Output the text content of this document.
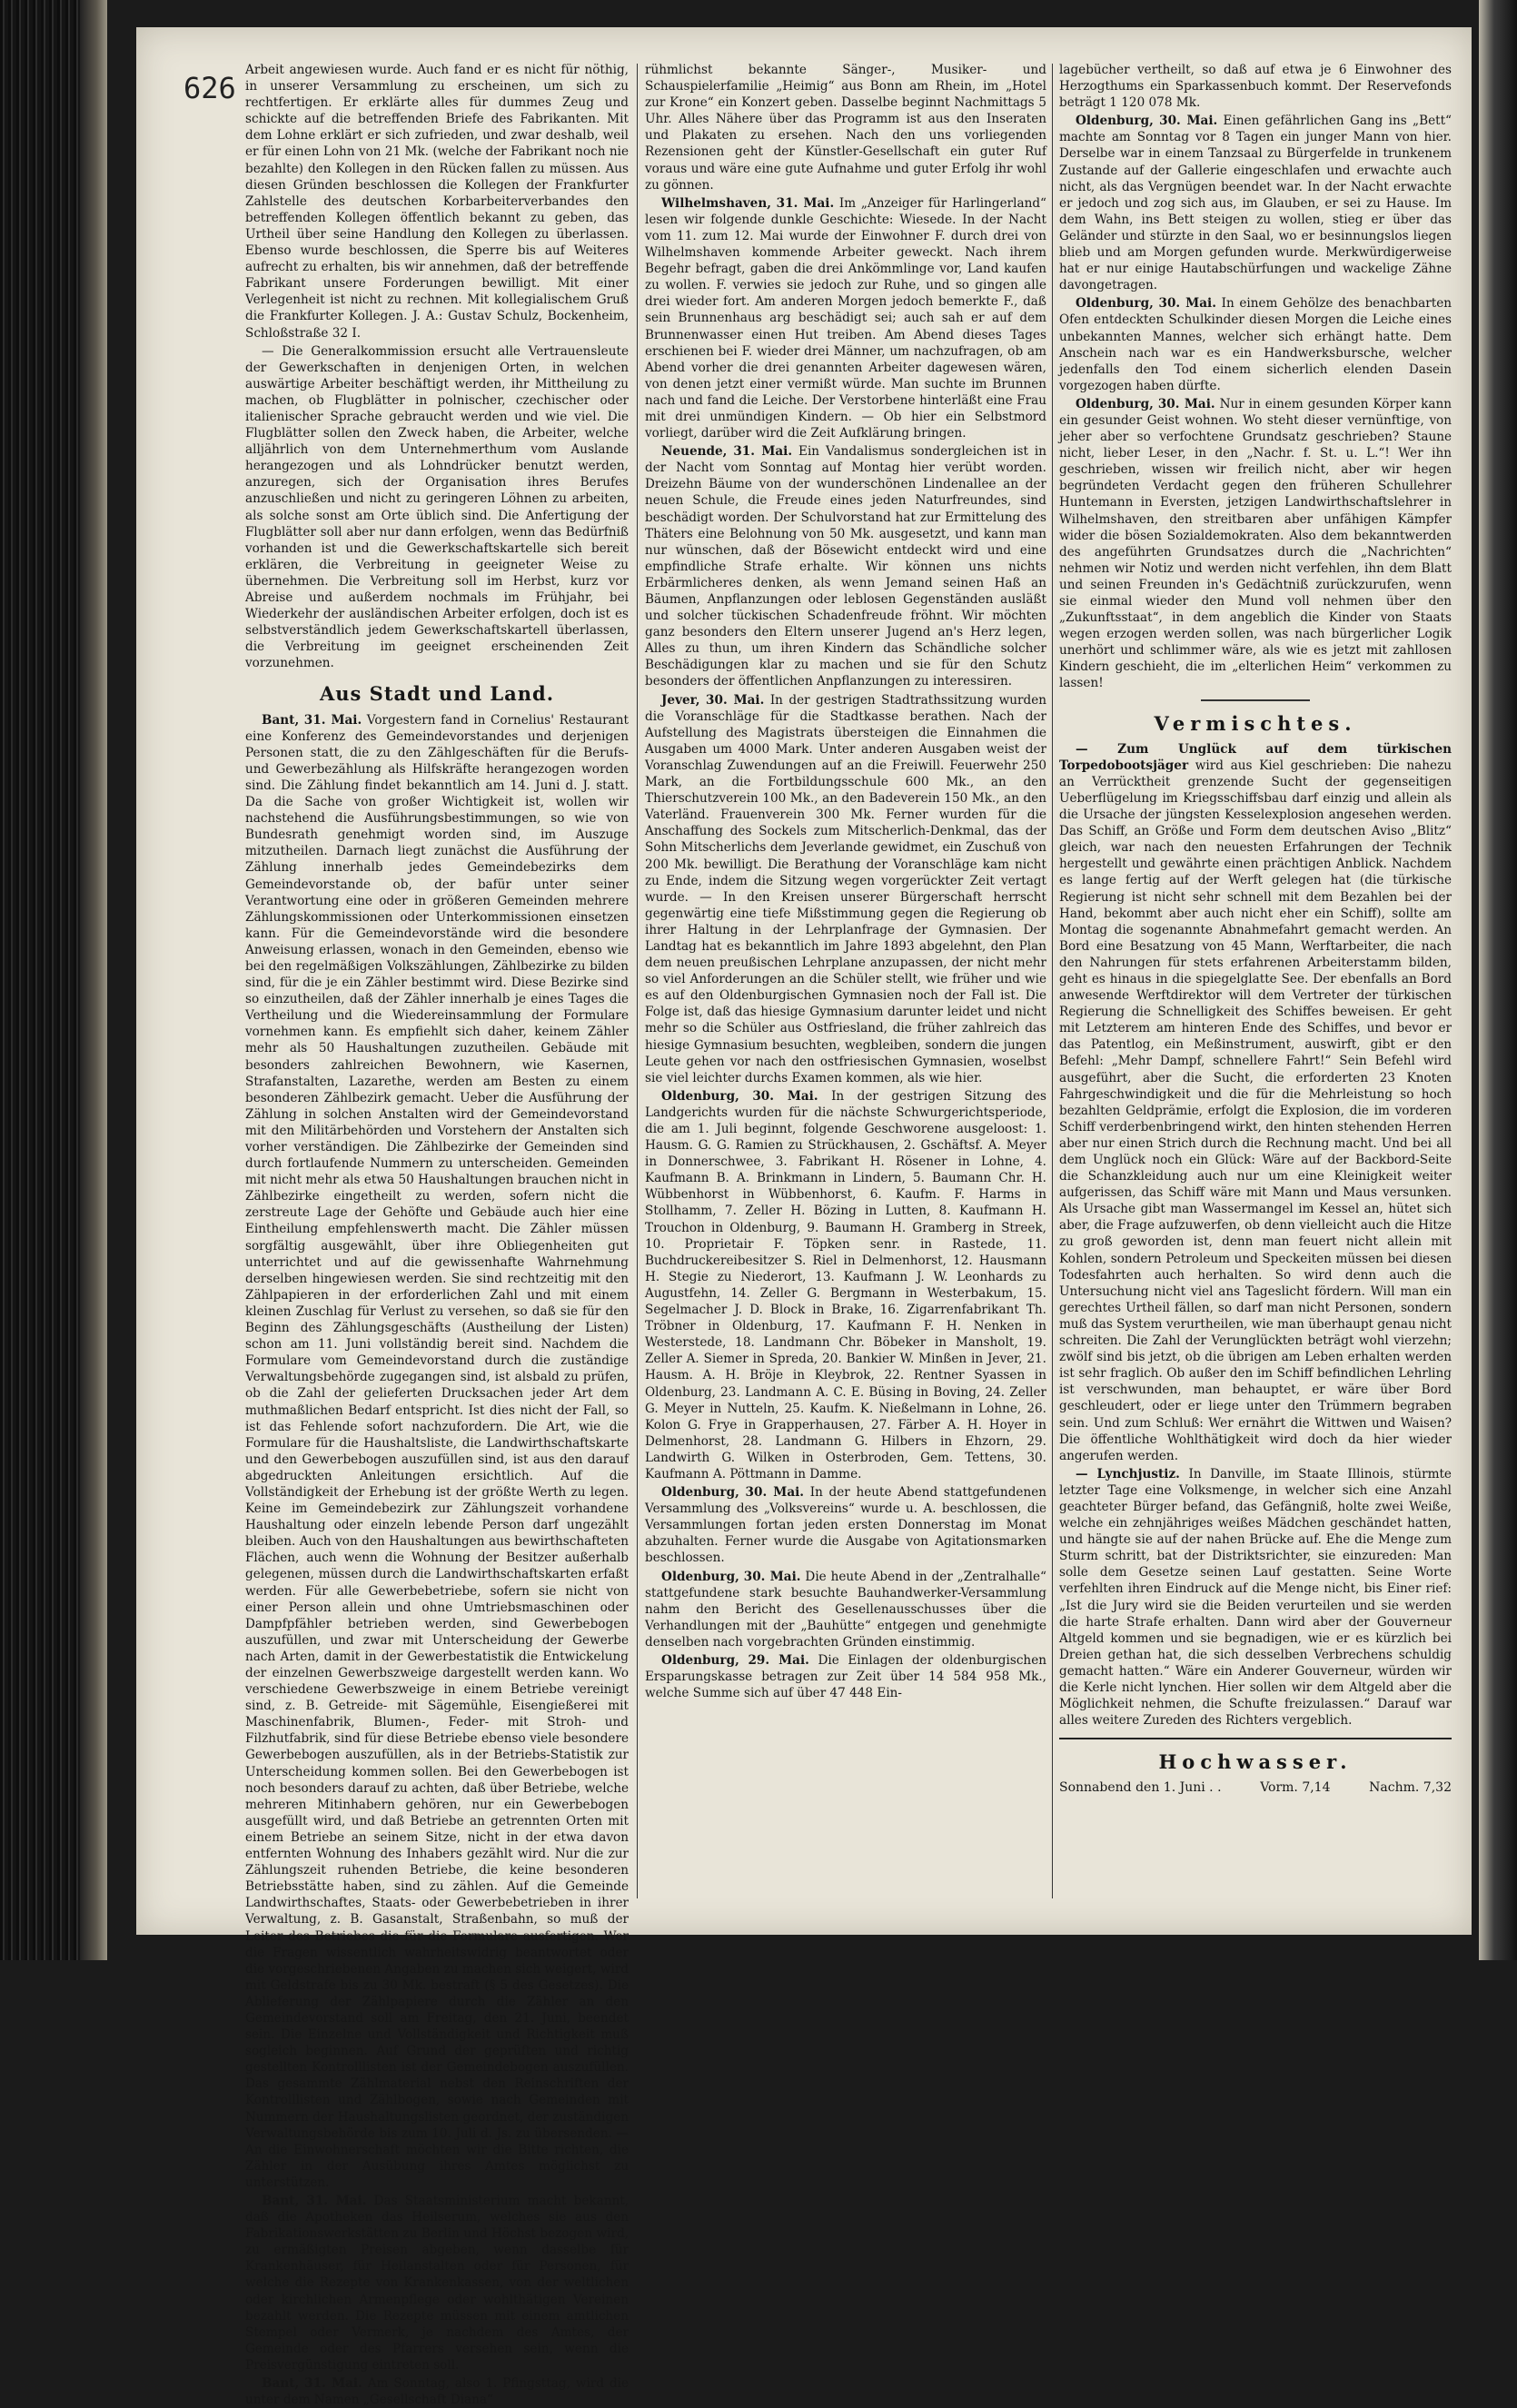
626

Arbeit angewiesen wurde. Auch fand er es nicht für nöthig, in unserer Versammlung zu erscheinen, um sich zu rechtfertigen. Er erklärte alles für dummes Zeug und schickte auf die betreffenden Briefe des Fabrikanten. Mit dem Lohne erklärt er sich zufrieden, und zwar deshalb, weil er für einen Lohn von 21 Mk. (welche der Fabrikant noch nie bezahlte) den Kollegen in den Rücken fallen zu müssen. Aus diesen Gründen beschlossen die Kollegen der Frankfurter Zahlstelle des deutschen Korbarbeiterverbandes den betreffenden Kollegen öffentlich bekannt zu geben, das Urtheil über seine Handlung den Kollegen zu überlassen. Ebenso wurde beschlossen, die Sperre bis auf Weiteres aufrecht zu erhalten, bis wir annehmen, daß der betreffende Fabrikant unsere Forderungen bewilligt. Mit einer Verlegenheit ist nicht zu rechnen. Mit kollegialischem Gruß die Frankfurter Kollegen. J. A.: Gustav Schulz, Bockenheim, Schloßstraße 32 I.

— Die Generalkommission ersucht alle Vertrauensleute der Gewerkschaften in denjenigen Orten, in welchen auswärtige Arbeiter beschäftigt werden, ihr Mittheilung zu machen, ob Flugblätter in polnischer, czechischer oder italienischer Sprache gebraucht werden und wie viel. Die Flugblätter sollen den Zweck haben, die Arbeiter, welche alljährlich von dem Unternehmerthum vom Auslande herangezogen und als Lohndrücker benutzt werden, anzuregen, sich der Organisation ihres Berufes anzuschließen und nicht zu geringeren Löhnen zu arbeiten, als solche sonst am Orte üblich sind. Die Anfertigung der Flugblätter soll aber nur dann erfolgen, wenn das Bedürfniß vorhanden ist und die Gewerkschaftskartelle sich bereit erklären, die Verbreitung in geeigneter Weise zu übernehmen. Die Verbreitung soll im Herbst, kurz vor Abreise und außerdem nochmals im Frühjahr, bei Wiederkehr der ausländischen Arbeiter erfolgen, doch ist es selbstverständlich jedem Gewerkschaftskartell überlassen, die Verbreitung im geeignet erscheinenden Zeit vorzunehmen.

Aus Stadt und Land.

Bant, 31. Mai. Vorgestern fand in Cornelius' Restaurant eine Konferenz des Gemeindevorstandes und derjenigen Personen statt, die zu den Zählgeschäften für die Berufs- und Gewerbezählung als Hilfskräfte herangezogen worden sind. Die Zählung findet bekanntlich am 14. Juni d. J. statt. Da die Sache von großer Wichtigkeit ist, wollen wir nachstehend die Ausführungsbestimmungen, so wie von Bundesrath genehmigt worden sind, im Auszuge mitzutheilen. Darnach liegt zunächst die Ausführung der Zählung innerhalb jedes Gemeindebezirks dem Gemeindevorstande ob, der bafür unter seiner Verantwortung eine oder in größeren Gemeinden mehrere Zählungskommissionen oder Unterkommissionen einsetzen kann. Für die Gemeindevorstände wird die besondere Anweisung erlassen, wonach in den Gemeinden, ebenso wie bei den regelmäßigen Volkszählungen, Zählbezirke zu bilden sind, für die je ein Zähler bestimmt wird. Diese Bezirke sind so einzutheilen, daß der Zähler innerhalb je eines Tages die Vertheilung und die Wiedereinsammlung der Formulare vornehmen kann. Es empfiehlt sich daher, keinem Zähler mehr als 50 Haushaltungen zuzutheilen. Gebäude mit besonders zahlreichen Bewohnern, wie Kasernen, Strafanstalten, Lazarethe, werden am Besten zu einem besonderen Zählbezirk gemacht. Ueber die Ausführung der Zählung in solchen Anstalten wird der Gemeindevorstand mit den Militärbehörden und Vorstehern der Anstalten sich vorher verständigen. Die Zählbezirke der Gemeinden sind durch fortlaufende Nummern zu unterscheiden. Gemeinden mit nicht mehr als etwa 50 Haushaltungen brauchen nicht in Zählbezirke eingetheilt zu werden, sofern nicht die zerstreute Lage der Gehöfte und Gebäude auch hier eine Eintheilung empfehlenswerth macht. Die Zähler müssen sorgfältig ausgewählt, über ihre Obliegenheiten gut unterrichtet und auf die gewissenhafte Wahrnehmung derselben hingewiesen werden. Sie sind rechtzeitig mit den Zählpapieren in der erforderlichen Zahl und mit einem kleinen Zuschlag für Verlust zu versehen, so daß sie für den Beginn des Zählungsgeschäfts (Austheilung der Listen) schon am 11. Juni vollständig bereit sind. Nachdem die Formulare vom Gemeindevorstand durch die zuständige Verwaltungsbehörde zugegangen sind, ist alsbald zu prüfen, ob die Zahl der gelieferten Drucksachen jeder Art dem muthmaßlichen Bedarf entspricht. Ist dies nicht der Fall, so ist das Fehlende sofort nachzufordern. Die Art, wie die Formulare für die Haushaltsliste, die Landwirthschaftskarte und den Gewerbebogen auszufüllen sind, ist aus den darauf abgedruckten Anleitungen ersichtlich. Auf die Vollständigkeit der Erhebung ist der größte Werth zu legen. Keine im Gemeindebezirk zur Zählungszeit vorhandene Haushaltung oder einzeln lebende Person darf ungezählt bleiben. Auch von den Haushaltungen aus bewirthschafteten Flächen, auch wenn die Wohnung der Besitzer außerhalb gelegenen, müssen durch die Landwirthschaftskarten erfaßt werden. Für alle Gewerbebetriebe, sofern sie nicht von einer Person allein und ohne Umtriebsmaschinen oder Dampfpfähler betrieben werden, sind Gewerbebogen auszufüllen, und zwar mit Unterscheidung der Gewerbe nach Arten, damit in der Gewerbestatistik die Entwickelung der einzelnen Gewerbszweige dargestellt werden kann. Wo verschiedene Gewerbszweige in einem Betriebe vereinigt sind, z. B. Getreide- mit Sägemühle, Eisengießerei mit Maschinenfabrik, Blumen-, Feder- mit Stroh- und Filzhutfabrik, sind für diese Betriebe ebenso viele besondere Gewerbebogen auszufüllen, als in der Betriebs-Statistik zur Unterscheidung kommen sollen. Bei den Gewerbebogen ist noch besonders darauf zu achten, daß über Betriebe, welche mehreren Mitinhabern gehören, nur ein Gewerbebogen ausgefüllt wird, und daß Betriebe an getrennten Orten mit einem Betriebe an seinem Sitze, nicht in der etwa davon entfernten Wohnung des Inhabers gezählt wird. Nur die zur Zählungszeit ruhenden Betriebe, die keine besonderen Betriebsstätte haben, sind zu zählen. Auf die Gemeinde Landwirthschaftes, Staats- oder Gewerbebetrieben in ihrer Verwaltung, z. B. Gasanstalt, Straßenbahn, so muß der Leiter des Betriebes die für die Formulare ausfertigen. Wer die Fragen wissentlich wahrheitswidrig beantwortet oder die vorgeschriebenen Angaben zu machen sich weigert, wird mit Geldstrafe bis zu 30 Mk. bestraft (§ 5 des Gesetzes). Die Ablieferung der Zählpapiere durch die Zähler an den Gemeindevorstand soll am Freitag, den 21. Juni, beendet sein. Die Einzelne und Vollständigkeit und Richtigkeit muß sogleich beginnen. Auf Grund der geprüften und richtig gestellten Kontrolllisten ist der Gemeindebogen auszufüllen. Das gesammte Zählmaterial nebst den Reinschriften der Kontrolllisten und Zählbogen, sowie nach Gemeinden mit Nummern der Haushaltungslisten geordnet, der zuständigen Verwaltungsbehörde bis zum 10. Juli d. Js. zu übersenden. — An die Einwohnerschaft möchten wir die Bitte richten, die Zähler in der Ausübung ihres Amtes möglichst zu unterstützen.

Bant, 31. Mai. Das Staatsministerium macht bekannt, daß die Apotheken das Heilserum, welches sie aus den Fabrikationswerkstätten zu Berlin und Höchst bezogen wird, zu ermäßigten Preisen abgeben, wenn dasselbe für Krankenhäuser, für Heilanstalten oder für Personen, für welche die Rezepte von Krankenkassen, von der weltlichen oder kirchlichen Armenpflege oder wohlthätigen Vereinen bezahlt werden. Die Rezepte müssen mit einem amtlichen Stempel oder Vermerk, je nachdem des Amtes, der Gemeinde oder des Pfarrers versehen sein, wenn die Preisvergünstigung eintreten soll.

Bant, 31. Mai. Am Sonntag, also 1. Pfingsttag, wird die unter dem Namen „Gesellschaft Diana“

rühmlichst bekannte Sänger-, Musiker- und Schauspielerfamilie „Heimig“ aus Bonn am Rhein, im „Hotel zur Krone“ ein Konzert geben. Dasselbe beginnt Nachmittags 5 Uhr. Alles Nähere über das Programm ist aus den Inseraten und Plakaten zu ersehen. Nach den uns vorliegenden Rezensionen geht der Künstler-Gesellschaft ein guter Ruf voraus und wäre eine gute Aufnahme und guter Erfolg ihr wohl zu gönnen.

Wilhelmshaven, 31. Mai. Im „Anzeiger für Harlingerland“ lesen wir folgende dunkle Geschichte: Wiesede. In der Nacht vom 11. zum 12. Mai wurde der Einwohner F. durch drei von Wilhelmshaven kommende Arbeiter geweckt. Nach ihrem Begehr befragt, gaben die drei Ankömmlinge vor, Land kaufen zu wollen. F. verwies sie jedoch zur Ruhe, und so gingen alle drei wieder fort. Am anderen Morgen jedoch bemerkte F., daß sein Brunnenhaus arg beschädigt sei; auch sah er auf dem Brunnenwasser einen Hut treiben. Am Abend dieses Tages erschienen bei F. wieder drei Männer, um nachzufragen, ob am Abend vorher die drei genannten Arbeiter dagewesen wären, von denen jetzt einer vermißt würde. Man suchte im Brunnen nach und fand die Leiche. Der Verstorbene hinterläßt eine Frau mit drei unmündigen Kindern. — Ob hier ein Selbstmord vorliegt, darüber wird die Zeit Aufklärung bringen.

Neuende, 31. Mai. Ein Vandalismus sondergleichen ist in der Nacht vom Sonntag auf Montag hier verübt worden. Dreizehn Bäume von der wunderschönen Lindenallee an der neuen Schule, die Freude eines jeden Naturfreundes, sind beschädigt worden. Der Schulvorstand hat zur Ermittelung des Thäters eine Belohnung von 50 Mk. ausgesetzt, und kann man nur wünschen, daß der Bösewicht entdeckt wird und eine empfindliche Strafe erhalte. Wir können uns nichts Erbärmlicheres denken, als wenn Jemand seinen Haß an Bäumen, Anpflanzungen oder leblosen Gegenständen ausläßt und solcher tückischen Schadenfreude fröhnt. Wir möchten ganz besonders den Eltern unserer Jugend an's Herz legen, Alles zu thun, um ihren Kindern das Schändliche solcher Beschädigungen klar zu machen und sie für den Schutz besonders der öffentlichen Anpflanzungen zu interessiren.

Jever, 30. Mai. In der gestrigen Stadtrathssitzung wurden die Voranschläge für die Stadtkasse berathen. Nach der Aufstellung des Magistrats übersteigen die Einnahmen die Ausgaben um 4000 Mark. Unter anderen Ausgaben weist der Voranschlag Zuwendungen auf an die Freiwill. Feuerwehr 250 Mark, an die Fortbildungsschule 600 Mk., an den Thierschutzverein 100 Mk., an den Badeverein 150 Mk., an den Vaterländ. Frauenverein 300 Mk. Ferner wurden für die Anschaffung des Sockels zum Mitscherlich-Denkmal, das der Sohn Mitscherlichs dem Jeverlande gewidmet, ein Zuschuß von 200 Mk. bewilligt. Die Berathung der Voranschläge kam nicht zu Ende, indem die Sitzung wegen vorgerückter Zeit vertagt wurde. — In den Kreisen unserer Bürgerschaft herrscht gegenwärtig eine tiefe Mißstimmung gegen die Regierung ob ihrer Haltung in der Lehrplanfrage der Gymnasien. Der Landtag hat es bekanntlich im Jahre 1893 abgelehnt, den Plan dem neuen preußischen Lehrplane anzupassen, der nicht mehr so viel Anforderungen an die Schüler stellt, wie früher und wie es auf den Oldenburgischen Gymnasien noch der Fall ist. Die Folge ist, daß das hiesige Gymnasium darunter leidet und nicht mehr so die Schüler aus Ostfriesland, die früher zahlreich das hiesige Gymnasium besuchten, wegbleiben, sondern die jungen Leute gehen vor nach den ostfriesischen Gymnasien, woselbst sie viel leichter durchs Examen kommen, als wie hier.

Oldenburg, 30. Mai. In der gestrigen Sitzung des Landgerichts wurden für die nächste Schwurgerichtsperiode, die am 1. Juli beginnt, folgende Geschworene ausgeloost: 1. Hausm. G. G. Ramien zu Strückhausen, 2. Gschäftsf. A. Meyer in Donnerschwee, 3. Fabrikant H. Rösener in Lohne, 4. Kaufmann B. A. Brinkmann in Lindern, 5. Baumann Chr. H. Wübbenhorst in Wübbenhorst, 6. Kaufm. F. Harms in Stollhamm, 7. Zeller H. Bözing in Lutten, 8. Kaufmann H. Trouchon in Oldenburg, 9. Baumann H. Gramberg in Streek, 10. Proprietair F. Töpken senr. in Rastede, 11. Buchdruckereibesitzer S. Riel in Delmenhorst, 12. Hausmann H. Stegie zu Niederort, 13. Kaufmann J. W. Leonhards zu Augustfehn, 14. Zeller G. Bergmann in Westerbakum, 15. Segelmacher J. D. Block in Brake, 16. Zigarrenfabrikant Th. Tröbner in Oldenburg, 17. Kaufmann F. H. Nenken in Westerstede, 18. Landmann Chr. Böbeker in Mansholt, 19. Zeller A. Siemer in Spreda, 20. Bankier W. Minßen in Jever, 21. Hausm. A. H. Bröje in Kleybrok, 22. Rentner Syassen in Oldenburg, 23. Landmann A. C. E. Büsing in Boving, 24. Zeller G. Meyer in Nutteln, 25. Kaufm. K. Nießelmann in Lohne, 26. Kolon G. Frye in Grapperhausen, 27. Färber A. H. Hoyer in Delmenhorst, 28. Landmann G. Hilbers in Ehzorn, 29. Landwirth G. Wilken in Osterbroden, Gem. Tettens, 30. Kaufmann A. Pöttmann in Damme.

Oldenburg, 30. Mai. In der heute Abend stattgefundenen Versammlung des „Volksvereins“ wurde u. A. beschlossen, die Versammlungen fortan jeden ersten Donnerstag im Monat abzuhalten. Ferner wurde die Ausgabe von Agitationsmarken beschlossen.

Oldenburg, 30. Mai. Die heute Abend in der „Zentralhalle“ stattgefundene stark besuchte Bauhandwerker-Versammlung nahm den Bericht des Gesellenausschusses über die Verhandlungen mit der „Bauhütte“ entgegen und genehmigte denselben nach vorgebrachten Gründen einstimmig.

Oldenburg, 29. Mai. Die Einlagen der oldenburgischen Ersparungskasse betragen zur Zeit über 14 584 958 Mk., welche Summe sich auf über 47 448 Ein-

lagebücher vertheilt, so daß auf etwa je 6 Einwohner des Herzogthums ein Sparkassenbuch kommt. Der Reservefonds beträgt 1 120 078 Mk.

Oldenburg, 30. Mai. Einen gefährlichen Gang ins „Bett“ machte am Sonntag vor 8 Tagen ein junger Mann von hier. Derselbe war in einem Tanzsaal zu Bürgerfelde in trunkenem Zustande auf der Gallerie eingeschlafen und erwachte auch nicht, als das Vergnügen beendet war. In der Nacht erwachte er jedoch und zog sich aus, im Glauben, er sei zu Hause. Im dem Wahn, ins Bett steigen zu wollen, stieg er über das Geländer und stürzte in den Saal, wo er besinnungslos liegen blieb und am Morgen gefunden wurde. Merkwürdigerweise hat er nur einige Hautabschürfungen und wackelige Zähne davongetragen.

Oldenburg, 30. Mai. In einem Gehölze des benachbarten Ofen entdeckten Schulkinder diesen Morgen die Leiche eines unbekannten Mannes, welcher sich erhängt hatte. Dem Anschein nach war es ein Handwerksbursche, welcher jedenfalls den Tod einem sicherlich elenden Dasein vorgezogen haben dürfte.

Oldenburg, 30. Mai. Nur in einem gesunden Körper kann ein gesunder Geist wohnen. Wo steht dieser vernünftige, von jeher aber so verfochtene Grundsatz geschrieben? Staune nicht, lieber Leser, in den „Nachr. f. St. u. L.“! Wer ihn geschrieben, wissen wir freilich nicht, aber wir hegen begründeten Verdacht gegen den früheren Schullehrer Huntemann in Eversten, jetzigen Landwirthschaftslehrer in Wilhelmshaven, den streitbaren aber unfähigen Kämpfer wider die bösen Sozialdemokraten. Also dem bekanntwerden des angeführten Grundsatzes durch die „Nachrichten“ nehmen wir Notiz und werden nicht verfehlen, ihn dem Blatt und seinen Freunden in's Gedächtniß zurückzurufen, wenn sie einmal wieder den Mund voll nehmen über den „Zukunftsstaat“, in dem angeblich die Kinder von Staats wegen erzogen werden sollen, was nach bürgerlicher Logik unerhört und schlimmer wäre, als wie es jetzt mit zahllosen Kindern geschieht, die im „elterlichen Heim“ verkommen zu lassen!

Vermischtes.

— Zum Unglück auf dem türkischen Torpedobootsjäger wird aus Kiel geschrieben: Die nahezu an Verrücktheit grenzende Sucht der gegenseitigen Ueberflügelung im Kriegsschiffsbau darf einzig und allein als die Ursache der jüngsten Kesselexplosion angesehen werden. Das Schiff, an Größe und Form dem deutschen Aviso „Blitz“ gleich, war nach den neuesten Erfahrungen der Technik hergestellt und gewährte einen prächtigen Anblick. Nachdem es lange fertig auf der Werft gelegen hat (die türkische Regierung ist nicht sehr schnell mit dem Bezahlen bei der Hand, bekommt aber auch nicht eher ein Schiff), sollte am Montag die sogenannte Abnahmefahrt gemacht werden. An Bord eine Besatzung von 45 Mann, Werftarbeiter, die nach den Nahrungen für stets erfahrenen Arbeiterstamm bilden, geht es hinaus in die spiegelglatte See. Der ebenfalls an Bord anwesende Werftdirektor will dem Vertreter der türkischen Regierung die Schnelligkeit des Schiffes beweisen. Er geht mit Letzterem am hinteren Ende des Schiffes, und bevor er das Patentlog, ein Meßinstrument, auswirft, gibt er den Befehl: „Mehr Dampf, schnellere Fahrt!“ Sein Befehl wird ausgeführt, aber die Sucht, die erforderten 23 Knoten Fahrgeschwindigkeit und die für die Mehrleistung so hoch bezahlten Geldprämie, erfolgt die Explosion, die im vorderen Schiff verderbenbringend wirkt, den hinten stehenden Herren aber nur einen Strich durch die Rechnung macht. Und bei all dem Unglück noch ein Glück: Wäre auf der Backbord-Seite die Schanzkleidung auch nur um eine Kleinigkeit weiter aufgerissen, das Schiff wäre mit Mann und Maus versunken. Als Ursache gibt man Wassermangel im Kessel an, hütet sich aber, die Frage aufzuwerfen, ob denn vielleicht auch die Hitze zu groß geworden ist, denn man feuert nicht allein mit Kohlen, sondern Petroleum und Speckeiten müssen bei diesen Todesfahrten auch herhalten. So wird denn auch die Untersuchung nicht viel ans Tageslicht fördern. Will man ein gerechtes Urtheil fällen, so darf man nicht Personen, sondern muß das System verurtheilen, wie man überhaupt genau nicht schreiten. Die Zahl der Verunglückten beträgt wohl vierzehn; zwölf sind bis jetzt, ob die übrigen am Leben erhalten werden ist sehr fraglich. Ob außer den im Schiff befindlichen Lehrling ist verschwunden, man behauptet, er wäre über Bord geschleudert, oder er liege unter den Trümmern begraben sein. Und zum Schluß: Wer ernährt die Wittwen und Waisen? Die öffentliche Wohlthätigkeit wird doch da hier wieder angerufen werden.

— Lynchjustiz. In Danville, im Staate Illinois, stürmte letzter Tage eine Volksmenge, in welcher sich eine Anzahl geachteter Bürger befand, das Gefängniß, holte zwei Weiße, welche ein zehnjähriges weißes Mädchen geschändet hatten, und hängte sie auf der nahen Brücke auf. Ehe die Menge zum Sturm schritt, bat der Distriktsrichter, sie einzureden: Man solle dem Gesetze seinen Lauf gestatten. Seine Worte verfehlten ihren Eindruck auf die Menge nicht, bis Einer rief: „Ist die Jury wird sie die Beiden verurteilen und sie werden die harte Strafe erhalten. Dann wird aber der Gouverneur Altgeld kommen und sie begnadigen, wie er es kürzlich bei Dreien gethan hat, die sich desselben Verbrechens schuldig gemacht hatten.“ Wäre ein Anderer Gouverneur, würden wir die Kerle nicht lynchen. Hier sollen wir dem Altgeld aber die Möglichkeit nehmen, die Schufte freizulassen.“ Darauf war alles weitere Zureden des Richters vergeblich.

Hochwasser.
Sonnabend den 1. Juni . .	Vorm. 7,14	Nachm. 7,32
